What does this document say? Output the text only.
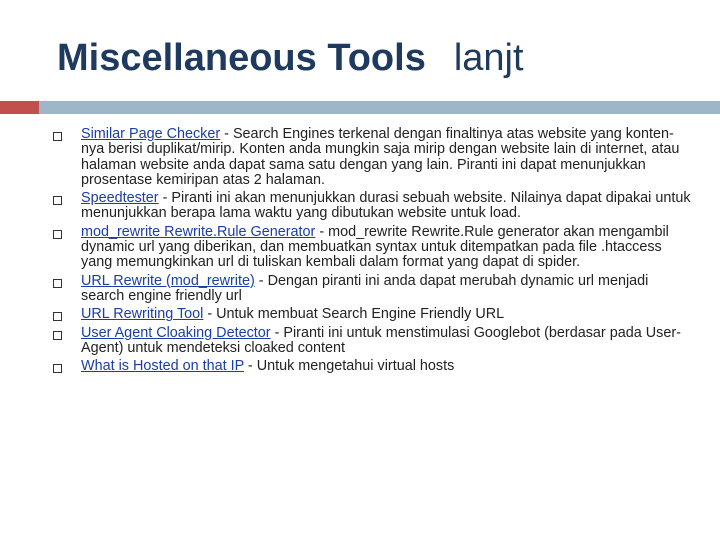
Miscellaneous Tools lanjt
Similar Page Checker - Search Engines terkenal dengan finaltinya atas website yang konten-nya berisi duplikat/mirip. Konten anda mungkin saja mirip dengan website lain di internet, atau halaman website anda dapat sama satu dengan yang lain. Piranti ini dapat menunjukkan prosentase kemiripan atas 2 halaman.
Speedtester - Piranti ini akan menunjukkan durasi sebuah website. Nilainya dapat dipakai untuk menunjukkan berapa lama waktu yang dibutukan website untuk load.
mod_rewrite Rewrite.Rule Generator - mod_rewrite Rewrite.Rule generator akan mengambil dynamic url yang diberikan, dan membuatkan syntax untuk ditempatkan pada file .htaccess yang memungkinkan url di tuliskan kembali dalam format yang dapat di spider.
URL Rewrite (mod_rewrite) - Dengan piranti ini anda dapat merubah dynamic url menjadi search engine friendly url
URL Rewriting Tool - Untuk membuat Search Engine Friendly URL
User Agent Cloaking Detector - Piranti ini untuk menstimulasi Googlebot (berdasar pada User-Agent) untuk mendeteksi cloaked content
What is Hosted on that IP - Untuk mengetahui virtual hosts
